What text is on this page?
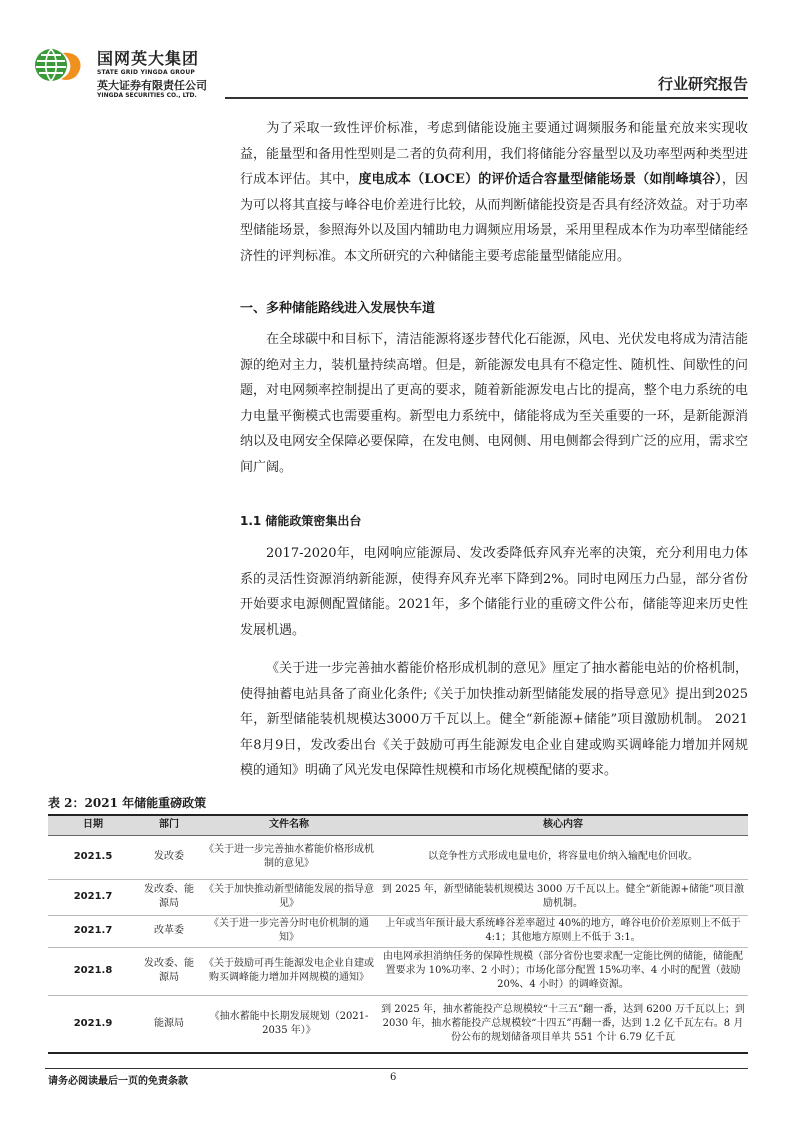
国网英大集团
STATE GRID YINGDA GROUP
英大证券有限责任公司
YINGDA SECURITIES CO., LTD.
行业研究报告

为了采取一致性评价标准，考虑到储能设施主要通过调频服务和能量充放来实现收益，能量型和备用性型则是二者的负荷利用，我们将储能分容量型以及功率型两种类型进行成本评估。其中，度电成本（LOCE）的评价适合容量型储能场景（如削峰填谷），因为可以将其直接与峰谷电价差进行比较，从而判断储能投资是否具有经济效益。对于功率型储能场景，参照海外以及国内辅助电力调频应用场景，采用里程成本作为功率型储能经济性的评判标准。本文所研究的六种储能主要考虑能量型储能应用。

一、多种储能路线进入发展快车道

在全球碳中和目标下，清洁能源将逐步替代化石能源，风电、光伏发电将成为清洁能源的绝对主力，装机量持续高增。但是，新能源发电具有不稳定性、随机性、间歇性的问题，对电网频率控制提出了更高的要求，随着新能源发电占比的提高，整个电力系统的电力电量平衡模式也需要重构。新型电力系统中，储能将成为至关重要的一环，是新能源消纳以及电网安全保障必要保障，在发电侧、电网侧、用电侧都会得到广泛的应用，需求空间广阔。

1.1 储能政策密集出台

2017-2020年，电网响应能源局、发改委降低弃风弃光率的决策，充分利用电力体系的灵活性资源消纳新能源，使得弃风弃光率下降到2%。同时电网压力凸显，部分省份开始要求电源侧配置储能。2021年，多个储能行业的重磅文件公布，储能等迎来历史性发展机遇。

《关于进一步完善抽水蓄能价格形成机制的意见》厘定了抽水蓄能电站的价格机制，使得抽蓄电站具备了商业化条件;《关于加快推动新型储能发展的指导意见》提出到2025年，新型储能装机规模达3000万千瓦以上。健全“新能源+储能”项目激励机制。 2021年8月9日，发改委出台《关于鼓励可再生能源发电企业自建或购买调峰能力增加并网规模的通知》明确了风光发电保障性规模和市场化规模配储的要求。

表 2：2021 年储能重磅政策
日期	部门	文件名称	核心内容
2021.5	发改委	《关于进一步完善抽水蓄能价格形成机制的意见》	以竞争性方式形成电量电价，将容量电价纳入输配电价回收。
2021.7	发改委、能源局	《关于加快推动新型储能发展的指导意见》	到 2025 年，新型储能装机规模达 3000 万千瓦以上。健全“新能源+储能”项目激励机制。
2021.7	改革委	《关于进一步完善分时电价机制的通知》	上年或当年预计最大系统峰谷差率超过 40%的地方，峰谷电价价差原则上不低于 4:1；其他地方原则上不低于 3:1。
2021.8	发改委、能源局	《关于鼓励可再生能源发电企业自建或购买调峰能力增加并网规模的通知》	由电网承担消纳任务的保障性规模（部分省份也要求配一定能比例的储能，储能配置要求为 10%功率、2 小时）；市场化部分配置 15%功率、4 小时的配置（鼓励 20%、4 小时）的调峰资源。
2021.9	能源局	《抽水蓄能中长期发展规划（2021-2035 年）》	到 2025 年，抽水蓄能投产总规模较“十三五”翻一番，达到 6200 万千瓦以上；到 2030 年，抽水蓄能投产总规模较“十四五”再翻一番，达到 1.2 亿千瓦左右。8 月份公布的规划储备项目单共 551 个计 6.79 亿千瓦
请务必阅读最后一页的免责条款	6
